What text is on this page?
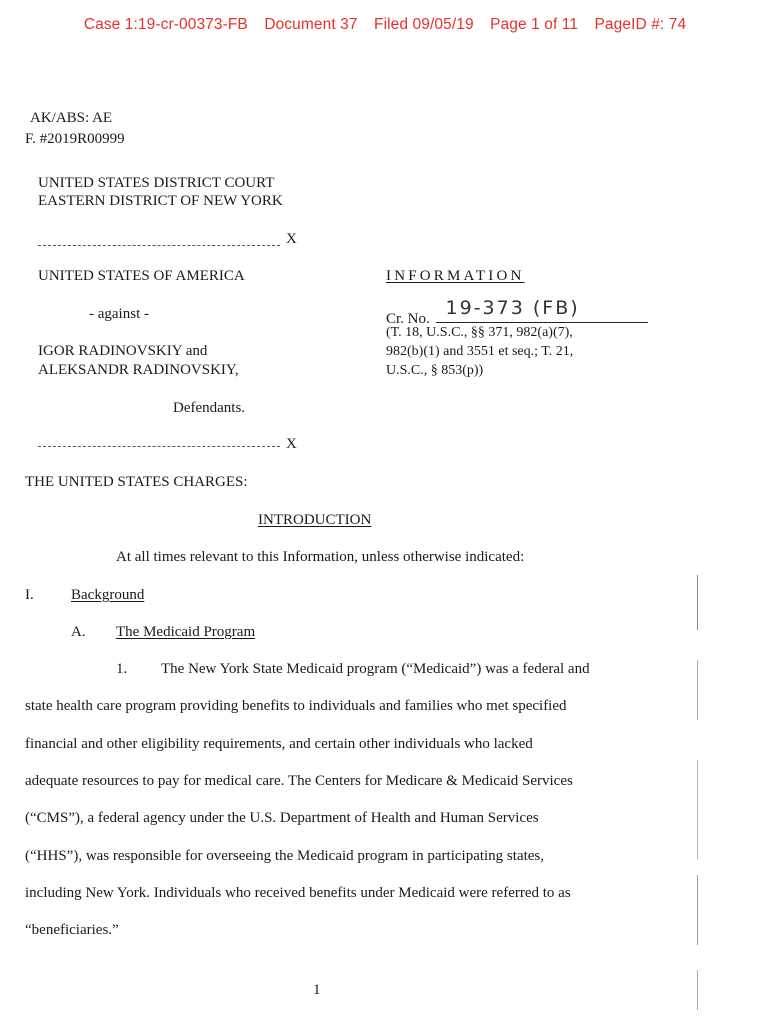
Case 1:19-cr-00373-FB Document 37 Filed 09/05/19 Page 1 of 11 PageID #: 74
AK/ABS: AE
F. #2019R00999
UNITED STATES DISTRICT COURT
EASTERN DISTRICT OF NEW YORK
X
UNITED STATES OF AMERICA
- against -
IGOR RADINOVSKIY and
ALEKSANDR RADINOVSKIY,
Defendants.
INFORMATION
Cr. No. 19-373 (FB)
(T. 18, U.S.C., §§ 371, 982(a)(7),
982(b)(1) and 3551 et seq.; T. 21,
U.S.C., § 853(p))
X
THE UNITED STATES CHARGES:
INTRODUCTION
At all times relevant to this Information, unless otherwise indicated:
I. Background
A. The Medicaid Program
1. The New York State Medicaid program (“Medicaid”) was a federal and
state health care program providing benefits to individuals and families who met specified
financial and other eligibility requirements, and certain other individuals who lacked
adequate resources to pay for medical care. The Centers for Medicare & Medicaid Services
(“CMS”), a federal agency under the U.S. Department of Health and Human Services
(“HHS”), was responsible for overseeing the Medicaid program in participating states,
including New York. Individuals who received benefits under Medicaid were referred to as
“beneficiaries.”
1
